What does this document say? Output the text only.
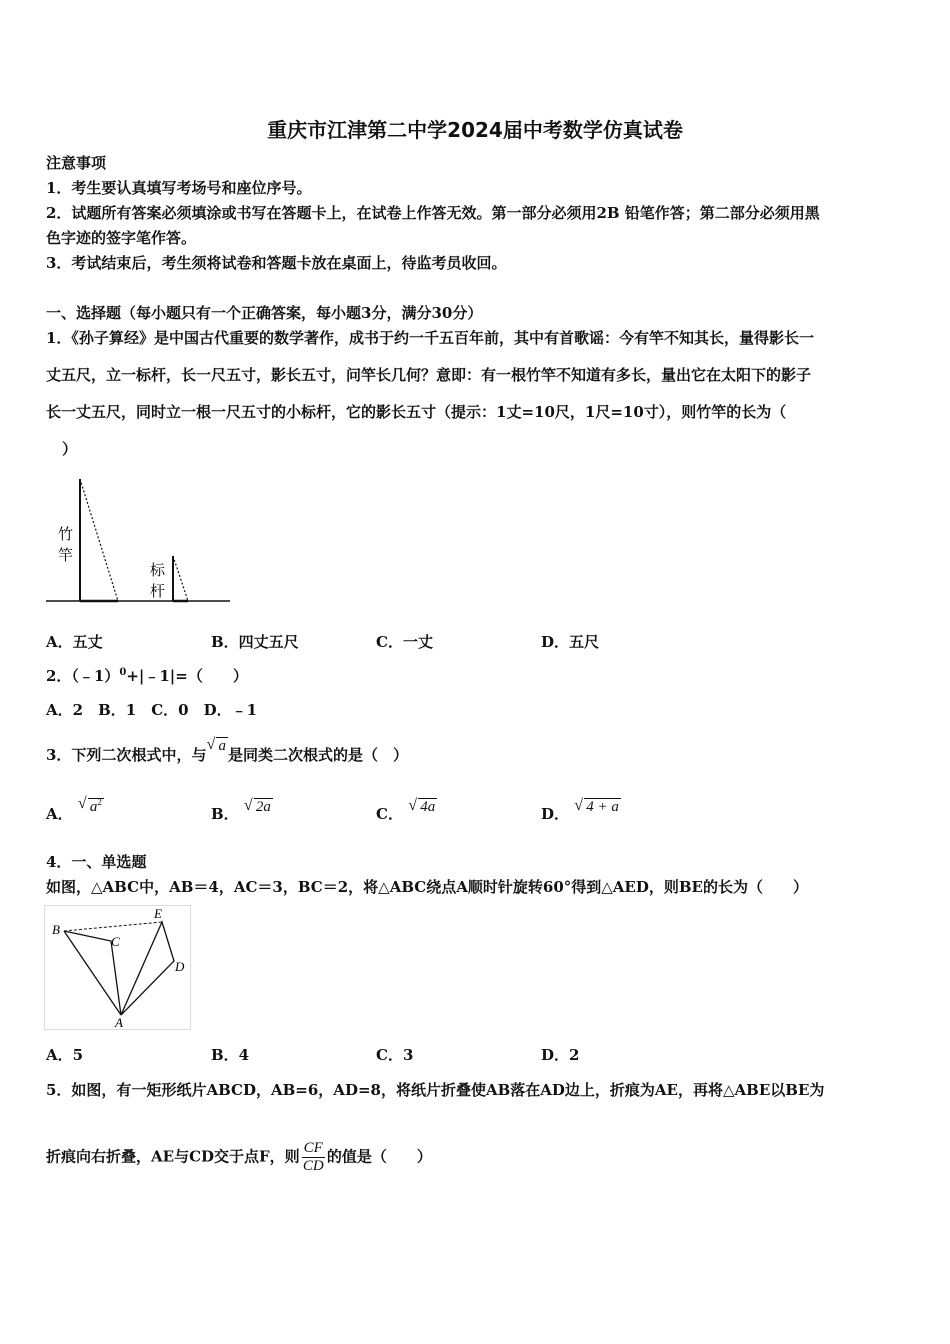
重庆市江津第二中学2024届中考数学仿真试卷
注意事项
1．考生要认真填写考场号和座位序号。
2．试题所有答案必须填涂或书写在答题卡上，在试卷上作答无效。第一部分必须用2B 铅笔作答；第二部分必须用黑
色字迹的签字笔作答。
3．考试结束后，考生须将试卷和答题卡放在桌面上，待监考员收回。
一、选择题（每小题只有一个正确答案，每小题3分，满分30分）
1．《孙子算经》是中国古代重要的数学著作，成书于约一千五百年前，其中有首歌谣：今有竿不知其长，量得影长一
丈五尺，立一标杆，长一尺五寸，影长五寸，问竿长几何？意即：有一根竹竿不知道有多长，量出它在太阳下的影子
长一丈五尺，同时立一根一尺五寸的小标杆，它的影长五寸（提示：1丈=10尺，1尺=10寸），则竹竿的长为（
）
竹
竿
标
杆
A．五丈	B．四丈五尺	C．一丈	D．五尺
2．（﹣1）$^0$+|﹣1|=（　　）
A．2　B．1　C．0　D．﹣1
3．下列二次根式中，与
√ a 是同类二次根式的是（　）
A．
√ $a^2$
B． √ 2a	C． √ 4a	D． √ 4 + a
4．一、单选题
如图，△ABC中，AB＝4，AC＝3，BC＝2，将△ABC绕点A顺时针旋转60°得到△AED，则BE的长为（　　）
B
C
E
D
A
A．5	B．4	C．3	D．2
5．如图，有一矩形纸片ABCD，AB=6，AD=8，将纸片折叠使AB落在AD边上，折痕为AE，再将△ABE以BE为
折痕向右折叠，AE与CD交于点F，则 $\frac{CF}{CD}$ 的值是（　　）
